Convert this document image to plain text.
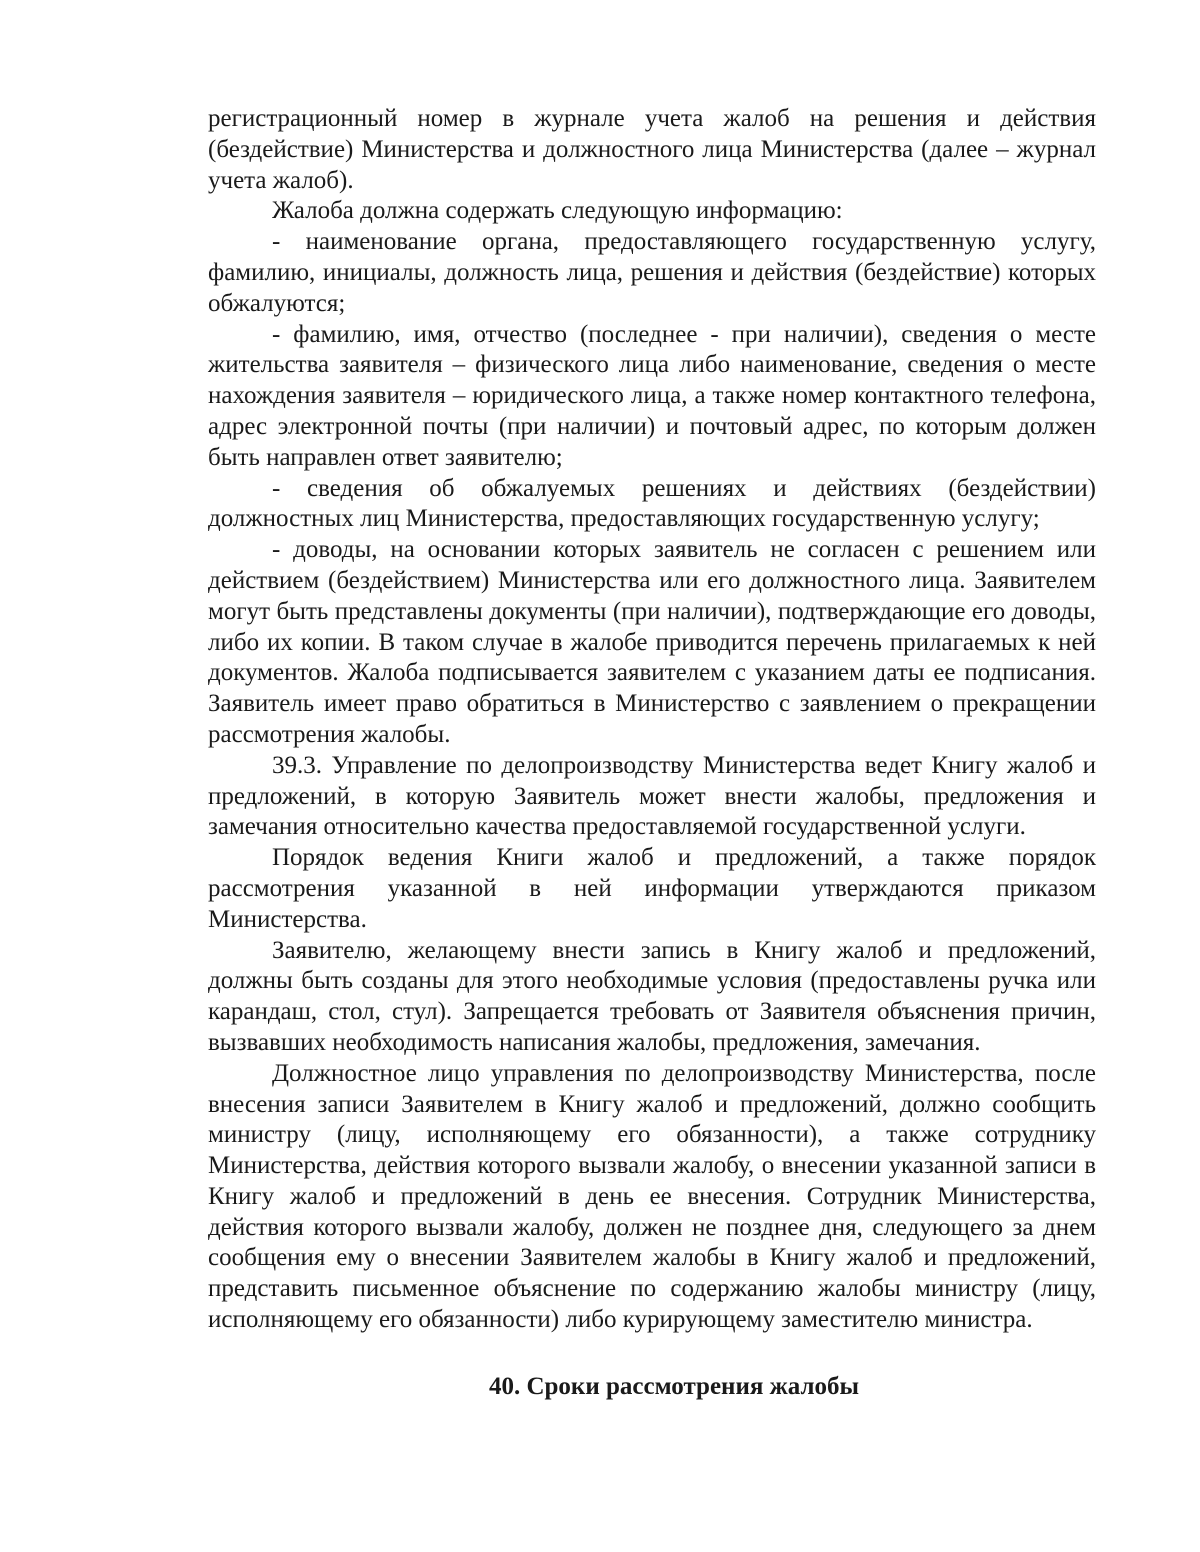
регистрационный номер в журнале учета жалоб на решения и действия (бездействие) Министерства и должностного лица Министерства (далее – журнал учета жалоб).

Жалоба должна содержать следующую информацию:

- наименование органа, предоставляющего государственную услугу, фамилию, инициалы, должность лица, решения и действия (бездействие) которых обжалуются;

- фамилию, имя, отчество (последнее - при наличии), сведения о месте жительства заявителя – физического лица либо наименование, сведения о месте нахождения заявителя – юридического лица, а также номер контактного телефона, адрес электронной почты (при наличии) и почтовый адрес, по которым должен быть направлен ответ заявителю;

- сведения об обжалуемых решениях и действиях (бездействии) должностных лиц Министерства, предоставляющих государственную услугу;

- доводы, на основании которых заявитель не согласен с решением или действием (бездействием) Министерства или его должностного лица. Заявителем могут быть представлены документы (при наличии), подтверждающие его доводы, либо их копии. В таком случае в жалобе приводится перечень прилагаемых к ней документов. Жалоба подписывается заявителем с указанием даты ее подписания. Заявитель имеет право обратиться в Министерство с заявлением о прекращении рассмотрения жалобы.

39.3. Управление по делопроизводству Министерства ведет Книгу жалоб и предложений, в которую Заявитель может внести жалобы, предложения и замечания относительно качества предоставляемой государственной услуги.

Порядок ведения Книги жалоб и предложений, а также порядок рассмотрения указанной в ней информации утверждаются приказом Министерства.

Заявителю, желающему внести запись в Книгу жалоб и предложений, должны быть созданы для этого необходимые условия (предоставлены ручка или карандаш, стол, стул). Запрещается требовать от Заявителя объяснения причин, вызвавших необходимость написания жалобы, предложения, замечания.

Должностное лицо управления по делопроизводству Министерства, после внесения записи Заявителем в Книгу жалоб и предложений, должно сообщить министру (лицу, исполняющему его обязанности), а также сотруднику Министерства, действия которого вызвали жалобу, о внесении указанной записи в Книгу жалоб и предложений в день ее внесения. Сотрудник Министерства, действия которого вызвали жалобу, должен не позднее дня, следующего за днем сообщения ему о внесении Заявителем жалобы в Книгу жалоб и предложений, представить письменное объяснение по содержанию жалобы министру (лицу, исполняющему его обязанности) либо курирующему заместителю министра.

40. Сроки рассмотрения жалобы
